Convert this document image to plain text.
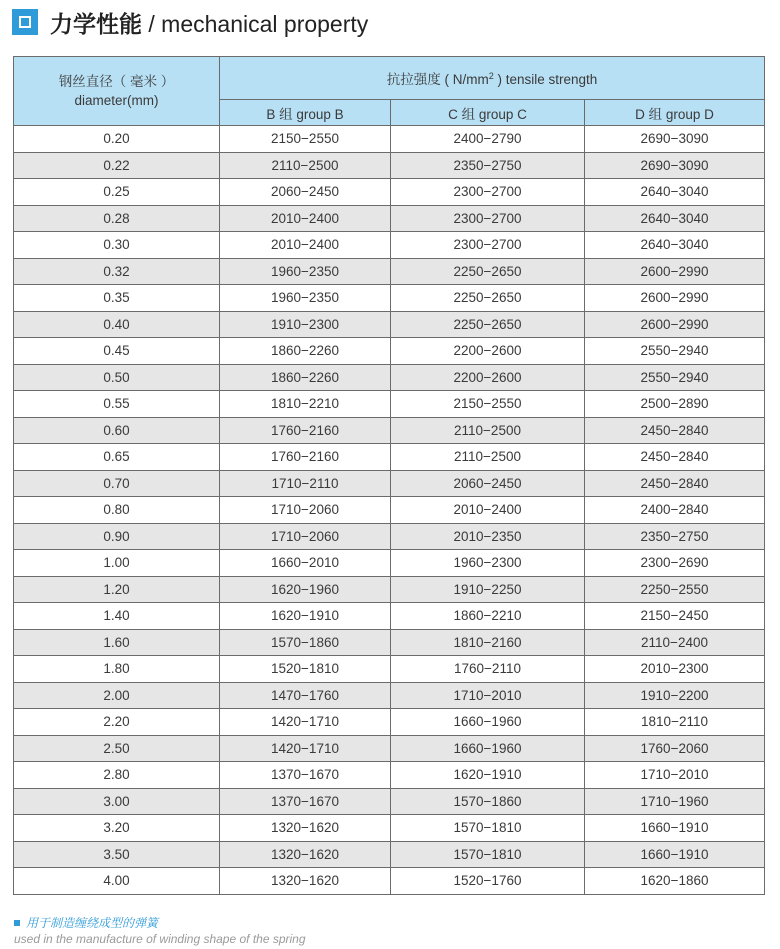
力学性能 / mechanical property
钢丝直径（ 毫米 ）
diameter(mm)	抗拉强度 ( $N/mm^2$ ) tensile strength		
	B 组 group B	C 组 group C	D 组 group D
0.20	2150−2550	2400−2790	2690−3090
0.22	2110−2500	2350−2750	2690−3090
0.25	2060−2450	2300−2700	2640−3040
0.28	2010−2400	2300−2700	2640−3040
0.30	2010−2400	2300−2700	2640−3040
0.32	1960−2350	2250−2650	2600−2990
0.35	1960−2350	2250−2650	2600−2990
0.40	1910−2300	2250−2650	2600−2990
0.45	1860−2260	2200−2600	2550−2940
0.50	1860−2260	2200−2600	2550−2940
0.55	1810−2210	2150−2550	2500−2890
0.60	1760−2160	2110−2500	2450−2840
0.65	1760−2160	2110−2500	2450−2840
0.70	1710−2110	2060−2450	2450−2840
0.80	1710−2060	2010−2400	2400−2840
0.90	1710−2060	2010−2350	2350−2750
1.00	1660−2010	1960−2300	2300−2690
1.20	1620−1960	1910−2250	2250−2550
1.40	1620−1910	1860−2210	2150−2450
1.60	1570−1860	1810−2160	2110−2400
1.80	1520−1810	1760−2110	2010−2300
2.00	1470−1760	1710−2010	1910−2200
2.20	1420−1710	1660−1960	1810−2110
2.50	1420−1710	1660−1960	1760−2060
2.80	1370−1670	1620−1910	1710−2010
3.00	1370−1670	1570−1860	1710−1960
3.20	1320−1620	1570−1810	1660−1910
3.50	1320−1620	1570−1810	1660−1910
4.00	1320−1620	1520−1760	1620−1860
用于制造缠绕成型的弹簧
used in the manufacture of winding shape of the spring
